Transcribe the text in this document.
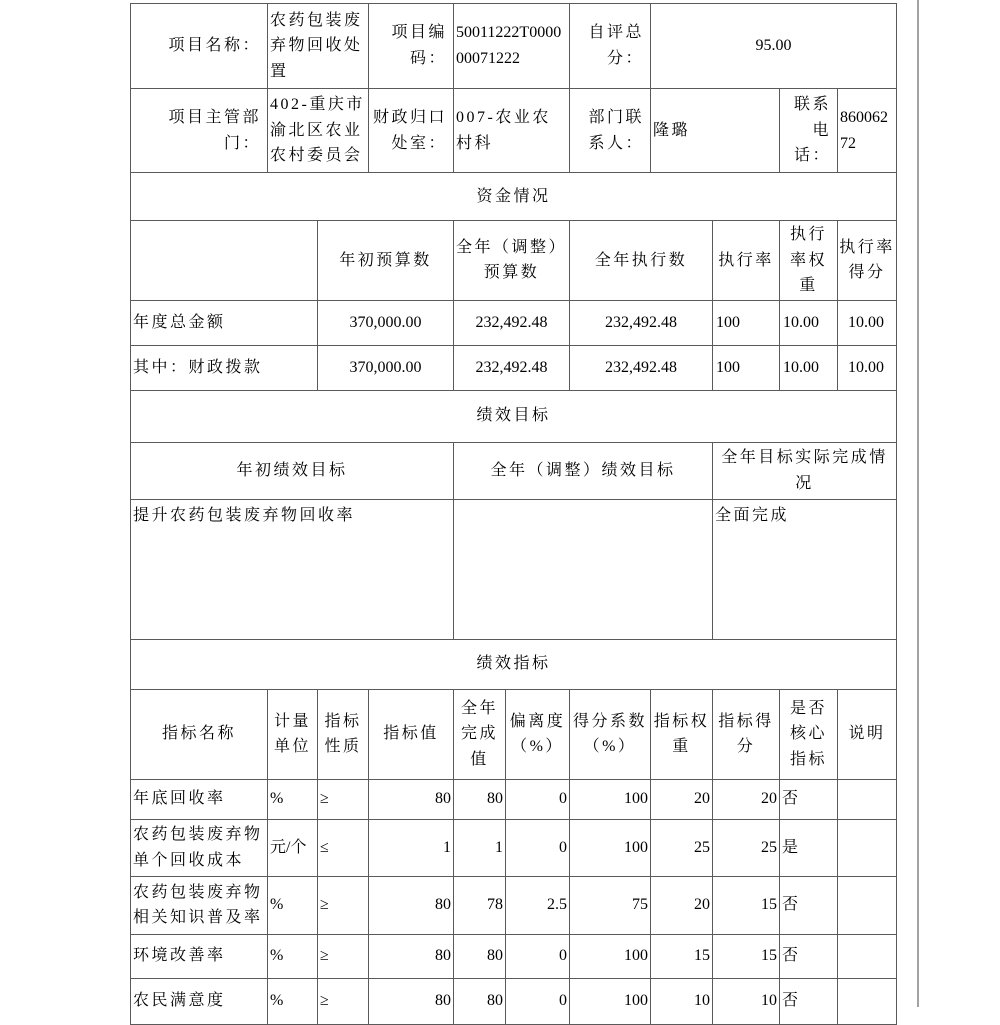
项目名称：	农药包装废弃物回收处置		项目编码：	50011222T000000071222		自评总分：	95.00			
项目主管部门：	402-重庆市渝北区农业农村委员会		财政归口处室：	007-农业农村科		部门联系人：	隆璐		联系电话：	86006272
资金情况										
		年初预算数		全年（调整）预算数		全年执行数		执行率	执行率权重	执行率得分
年度总金额		370,000.00		232,492.48		232,492.48		100	10.00	10.00
其中：财政拨款		370,000.00		232,492.48		232,492.48		100	10.00	10.00
绩效目标										
年初绩效目标				全年（调整）绩效目标				全年目标实际完成情况		
提升农药包装废弃物回收率								全面完成		
绩效指标										
指标名称	计量单位	指标性质	指标值	全年完成值	偏离度（%）	得分系数（%）	指标权重	指标得分	是否核心指标	说明
年底回收率	%	≥	80	80	0	100	20	20	否	
农药包装废弃物单个回收成本	元/个	≤	1	1	0	100	25	25	是	
农药包装废弃物相关知识普及率	%	≥	80	78	2.5	75	20	15	否	
环境改善率	%	≥	80	80	0	100	15	15	否	
农民满意度	%	≥	80	80	0	100	10	10	否	
